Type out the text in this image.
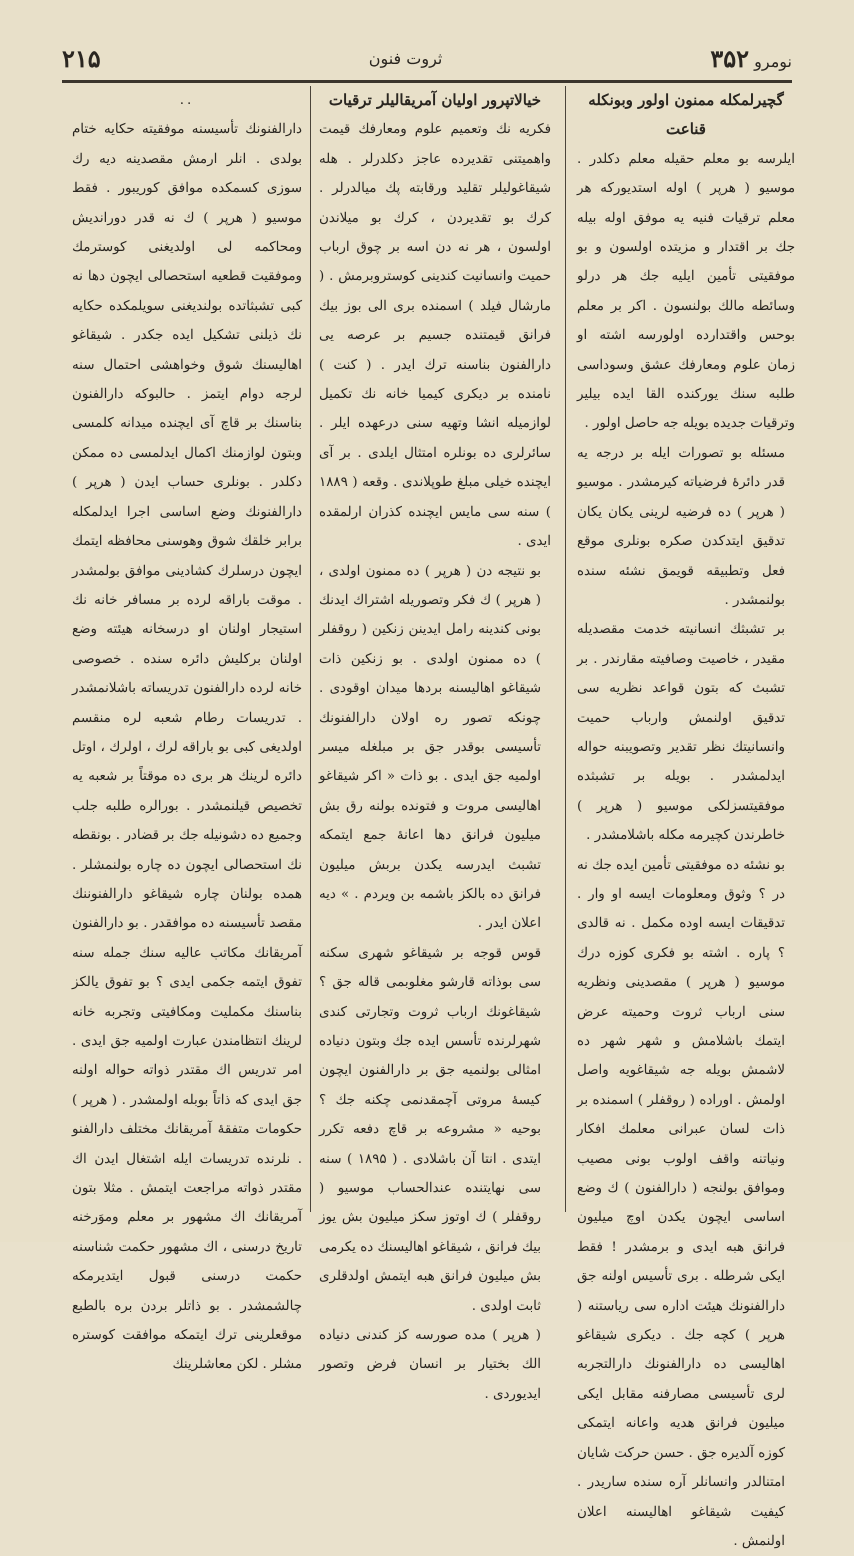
نومرو ۳۵۲
ثروت فنون
۲۱۵
گچیرلمکله ممنون اولور وبونکله قناعت

ایلرسه بو معلم حقیله معلم دکلدر . موسیو ( هرپر ) اوله استدیورکه هر معلم ترقیات فنیه یه موفق اوله بیله جك بر اقتدار و مزیتده اولسون و بو موفقیتی تأمین ایلیه جك هر درلو وسائطه مالك بولنسون . اکر بر معلم بوحس واقتدارده اولورسه اشته او زمان علوم ومعارفك عشق وسوداسی طلبه سنك یورکنده القا ایده بیلیر وترقیات جدیده بویله جه حاصل اولور .

مسئله بو تصورات ایله بر درجه یه قدر دائرهٔ فرضیاته کیرمشدر . موسیو ( هرپر ) ده فرضیه لرینی یکان یکان تدقیق ایتدکدن صکره بونلری موقع فعل وتطبیقه قویمق نشئه سنده بولنمشدر .

بر تشبثك انسانیته خدمت مقصدیله مقیدر ، خاصیت وصافیته مقارندر . بر تشبث که بتون قواعد نظریه سی تدقیق اولنمش وارباب حمیت وانسانیتك نظر تقدیر وتصویبنه حواله ایدلمشدر . بویله بر تشبثده موفقیتسزلکی موسیو ( هرپر ) خاطرندن کچیرمه مکله باشلامشدر .

بو نشئه ده موفقیتی تأمین ایده جك نه در ؟ وثوق ومعلومات ایسه او وار . تدقیقات ایسه اوده مکمل . نه قالدی ؟ پاره . اشته بو فکری کوزه درك موسیو ( هرپر ) مقصدینی ونظریه سنی ارباب ثروت وحمیته عرض ایتمك باشلامش و شهر شهر ده لاشمش بویله جه شیقاغویه واصل اولمش . اوراده ( روقفلر ) اسمنده بر ذات لسان عبرانی معلمك افکار ونیاتنه واقف اولوب بونی مصیب وموافق بولنجه ( دارالفنون ) ك وضع اساسی ایچون یکدن اوچ میلیون فرانق هبه ایدی و برمشدر ! فقط ایکی شرطله . بری تأسیس اولنه جق دارالفنونك هیئت اداره سی ریاستنه ( هرپر ) کچه جك . دیکری شیقاغو اهالیسی ده دارالفنونك دارالتجربه لری تأسیسی مصارفنه مقابل ایکی میلیون فرانق هدیه واعانه ایتمکی کوزه آلدیره جق . حسن حرکت شایان امتنالدر وانسانلر آره سنده ساریدر . کیفیت شیقاغو اهالیسنه اعلان اولنمش .

خیالاتپرور اولیان آمریقالیلر ترقیات

فکریه نك وتعمیم علوم ومعارفك قیمت واهمیتنی تقدیرده عاجز دکلدرلر . هله شیقاغولیلر تقلید ورقابته پك میالدرلر . کرك بو تقدیردن ، کرك بو میلاندن اولسون ، هر نه دن اسه بر چوق ارباب حمیت وانسانیت کندینی کوستروبرمش . ( مارشال فیلد ) اسمنده بری الی بوز بیك فرانق قیمتنده جسیم بر عرصه یی دارالفنون بناسنه ترك ایدر . ( کنت ) نامنده بر دیکری کیمیا خانه نك تکمیل لوازمیله انشا وتهیه سنی درعهده ایلر . سائرلری ده بونلره امتثال ایلدی . بر آی ایچنده خیلی مبلغ طوپلاندی . وقعه ( ۱۸۸۹ ) سنه سی مایس ایچنده کذران ارلمقده ایدی .

بو نتیجه دن ( هرپر ) ده ممنون اولدی ، ( هرپر ) ك فکر وتصوریله اشتراك ایدنك بونی کندینه رامل ایدینن زنکین ( روقفلر ) ده ممنون اولدی . بو زنکین ذات شیقاغو اهالیسنه بردها میدان اوقودی . چونکه تصور ره اولان دارالفنونك تأسیسی بوقدر جق بر مبلغله میسر اولمیه جق ایدی . بو ذات « اکر شیقاغو اهالیسی مروت و فتونده بولنه رق بش میلیون فرانق دها اعانهٔ جمع ایتمکه تشبث ایدرسه یکدن بربش میلیون فرانق ده بالکز باشمه بن ویردم . » دیه اعلان ایدر .

قوس قوجه بر شیقاغو شهری سکنه سی بوذاته قارشو مغلوبمی قاله جق ؟ شیقاغونك ارباب ثروت وتجارتی کندی شهرلرنده تأسس ایده جك وبتون دنیاده امثالی بولنمیه جق بر دارالفنون ایچون کیسهٔ مروتی آچمقدنمی چکنه جك ؟ بوحیه « مشروعه بر قاچ دفعه تکرر ایتدی . انتا آن باشلادی . ( ۱۸۹۵ ) سنه سی نهایتنده عندالحساب موسیو ( روقفلر ) ك اوتوز سکز میلیون بش یوز بیك فرانق ، شیقاغو اهالیسنك ده یکرمی بش میلیون فرانق هبه ایتمش اولدقلری ثابت اولدی .

( هرپر ) مده صورسه کز کندنی دنیاده الك بختیار بر انسان فرض وتصور ایدیوردی .

..

دارالفنونك تأسیسنه موفقیته حکایه ختام بولدی . انلر ارمش مقصدینه دیه رك سوزی کسمکده موافق کوریبور . فقط موسیو ( هرپر ) ك نه قدر دوراندیش ومحاکمه لی اولدیغنی کوسترمك وموفقیت قطعیه استحصالی ایچون دها نه کبی تشبثاتده بولندیغنی سویلمکده حکایه نك ذیلنی تشکیل ایده جکدر . شیقاغو اهالیسنك شوق وخواهشی احتمال سنه لرجه دوام ایتمز . حالبوکه دارالفنون بناسنك بر قاچ آی ایچنده میدانه کلمسی وبتون لوازمنك اکمال ایدلمسی ده ممکن دکلدر . بونلری حساب ایدن ( هرپر ) دارالفنونك وضع اساسی اجرا ایدلمکله برابر خلقك شوق وهوسنی محافظه ایتمك ایچون درسلرك کشادینی موافق بولمشدر . موقت باراقه لرده بر مسافر خانه نك استیجار اولنان او درسخانه هیئته وضع اولنان برکلیش دائره سنده . خصوصی خانه لرده دارالفنون تدریساته باشلانمشدر . تدریسات رطام شعبه لره منقسم اولدیغی کبی بو باراقه لرك ، اولرك ، اوتل دائره لرینك هر بری ده موقتاً بر شعبه یه تخصیص قیلنمشدر . بورالره طلبه جلب وجمیع ده دشونیله جك بر قضادر . بونقطه نك استحصالی ایچون ده چاره بولنمشلر . همده بولنان چاره شیقاغو دارالفنوننك مقصد تأسیسنه ده موافقدر . بو دارالفنون آمریقانك مکاتب عالیه سنك جمله سنه تفوق ایتمه جکمی ایدی ؟ بو تفوق یالکز بناسنك مکملیت ومکافیتی وتجربه خانه لرینك انتظامندن عبارت اولمیه جق ایدی . امر تدریس اك مقتدر ذواته حواله اولنه جق ایدی که ذاتاً بوبله اولمشدر . ( هرپر ) حکومات متفقهٔ آمریقانك مختلف دارالفنو . نلرنده تدریسات ایله اشتغال ایدن اك مقتدر ذواته مراجعت ایتمش . مثلا بتون آمریقانك اك مشهور بر معلم وموَرخنه تاریخ درسنی ، اك مشهور حکمت شناسنه حکمت درسنی قبول ایتدیرمکه چالشمشدر . بو ذاتلر بردن بره بالطبع موقعلرینی ترك ایتمکه موافقت کوستره مشلر . لکن معاشلرینك
